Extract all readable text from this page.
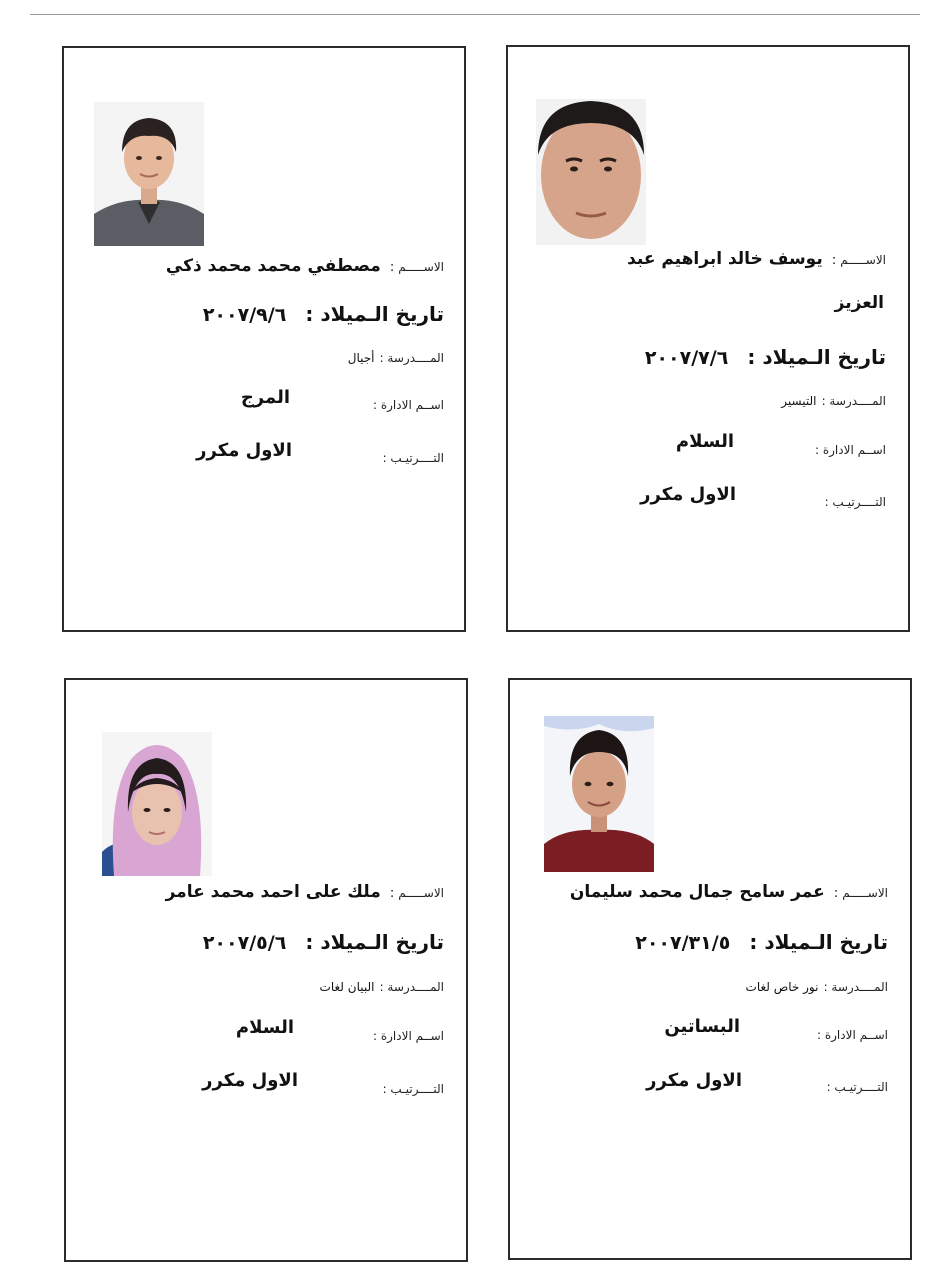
الاســـــم: مصطفي محمد محمد ذكي
تاريخ الـميلاد : ٢٠٠٧/٩/٦
المــــدرسة : أجيال
اســم الادارة :
المرج
التــــرتيـب :
الاول مكرر
الاســـــم: يوسف خالد ابراهيم عبد
العزيز
تاريخ الـميلاد : ٢٠٠٧/٧/٦
المــــدرسة : التيسير
اســم الادارة :
السلام
التــــرتيـب :
الاول مكرر
الاســـــم: ملك على احمد محمد عامر
تاريخ الـميلاد : ٢٠٠٧/٥/٦
المــــدرسة : البيان لغات
اســم الادارة :
السلام
التــــرتيـب :
الاول مكرر
الاســـــم: عمر سامح جمال محمد سليمان
تاريخ الـميلاد : ٢٠٠٧/٣١/٥
المــــدرسة : نور خاص لغات
اســم الادارة :
البساتين
التــــرتيـب :
الاول مكرر
